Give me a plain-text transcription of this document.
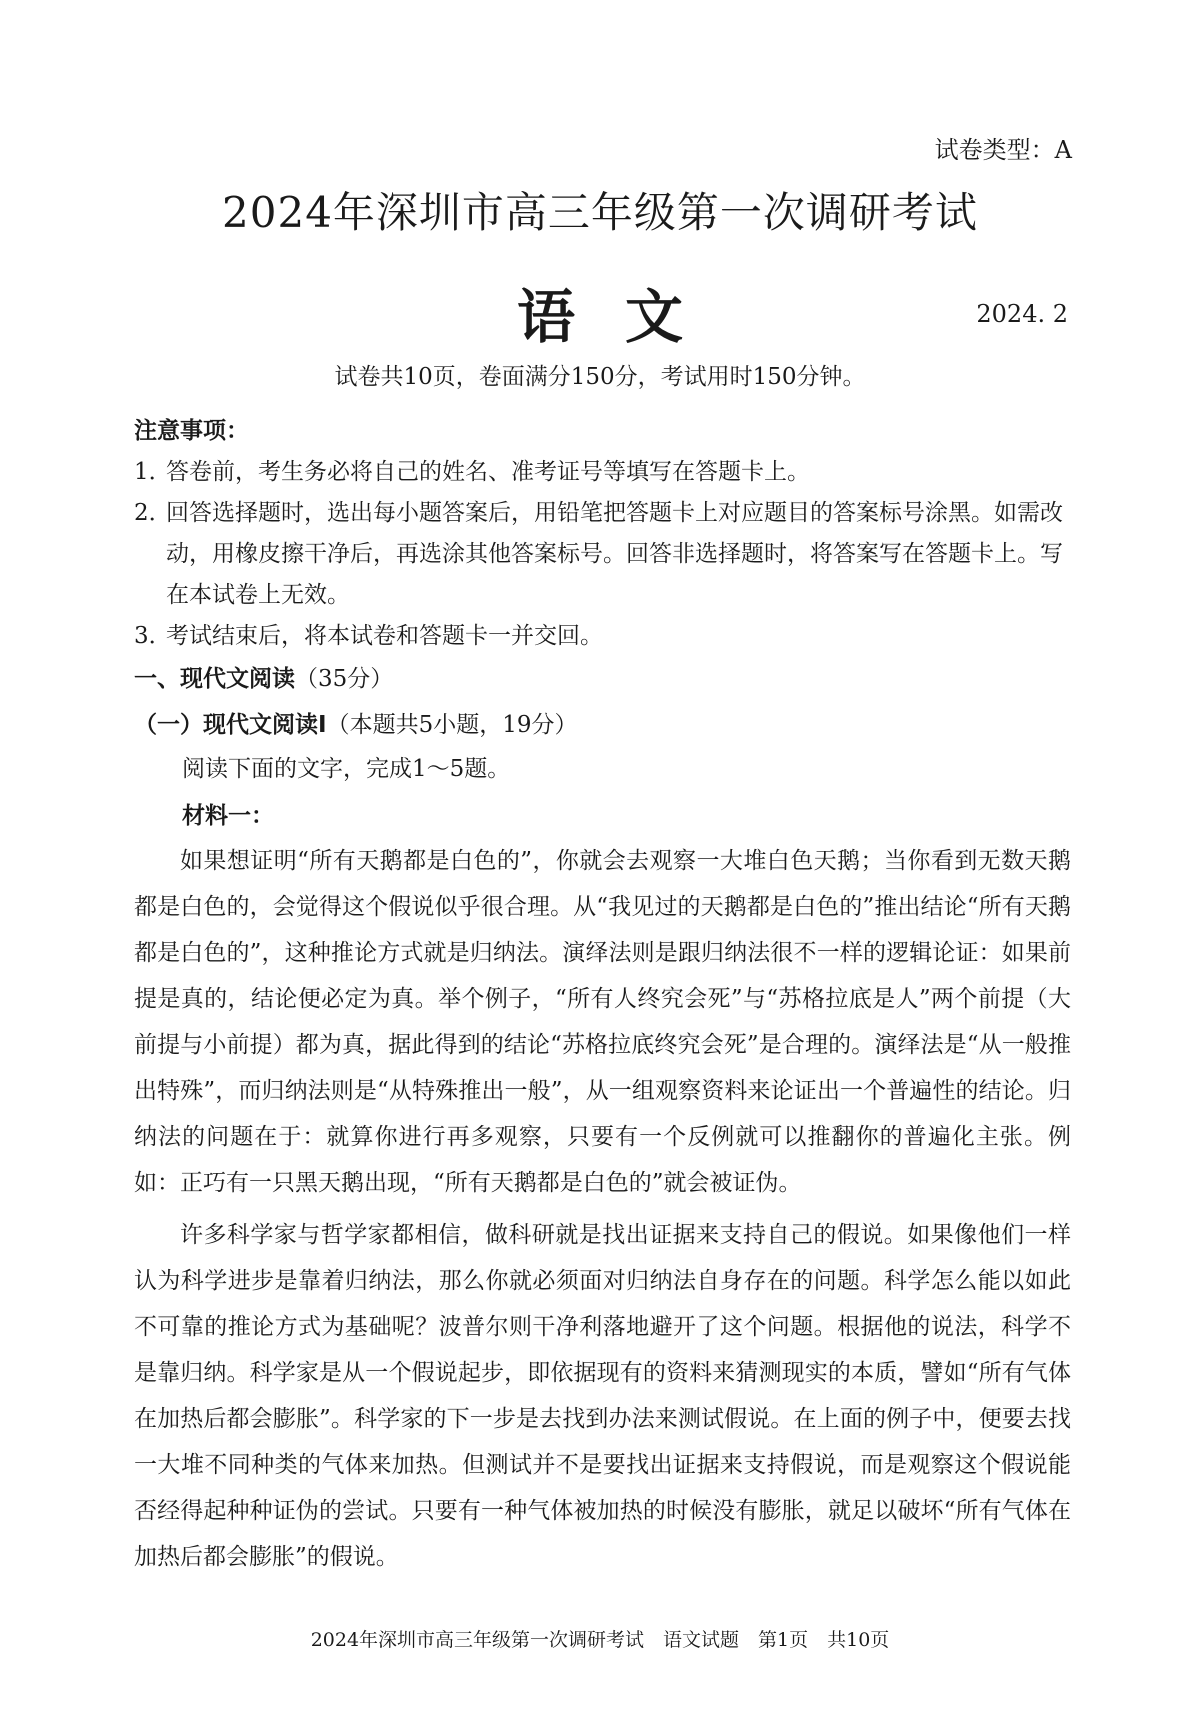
试卷类型：A
2024年深圳市高三年级第一次调研考试
语文	2024. 2
试卷共10页，卷面满分150分，考试用时150分钟。
注意事项：
1．
答卷前，考生务必将自己的姓名、准考证号等填写在答题卡上。
2．
回答选择题时，选出每小题答案后，用铅笔把答题卡上对应题目的答案标号涂黑。如需改动，用橡皮擦干净后，再选涂其他答案标号。回答非选择题时，将答案写在答题卡上。写在本试卷上无效。
3．
考试结束后，将本试卷和答题卡一并交回。
一、现代文阅读（35分）
（一）现代文阅读I（本题共5小题，19分）
阅读下面的文字，完成1～5题。
材料一：

如果想证明“所有天鹅都是白色的”，你就会去观察一大堆白色天鹅；当你看到无数天鹅都是白色的，会觉得这个假说似乎很合理。从“我见过的天鹅都是白色的”推出结论“所有天鹅都是白色的”，这种推论方式就是归纳法。演绎法则是跟归纳法很不一样的逻辑论证：如果前提是真的，结论便必定为真。举个例子，“所有人终究会死”与“苏格拉底是人”两个前提（大前提与小前提）都为真，据此得到的结论“苏格拉底终究会死”是合理的。演绎法是“从一般推出特殊”，而归纳法则是“从特殊推出一般”，从一组观察资料来论证出一个普遍性的结论。归纳法的问题在于：就算你进行再多观察，只要有一个反例就可以推翻你的普遍化主张。例如：正巧有一只黑天鹅出现，“所有天鹅都是白色的”就会被证伪。

许多科学家与哲学家都相信，做科研就是找出证据来支持自己的假说。如果像他们一样认为科学进步是靠着归纳法，那么你就必须面对归纳法自身存在的问题。科学怎么能以如此不可靠的推论方式为基础呢？波普尔则干净利落地避开了这个问题。根据他的说法，科学不是靠归纳。科学家是从一个假说起步，即依据现有的资料来猜测现实的本质，譬如“所有气体在加热后都会膨胀”。科学家的下一步是去找到办法来测试假说。在上面的例子中，便要去找一大堆不同种类的气体来加热。但测试并不是要找出证据来支持假说，而是观察这个假说能否经得起种种证伪的尝试。只要有一种气体被加热的时候没有膨胀，就足以破坏“所有气体在加热后都会膨胀”的假说。

2024年深圳市高三年级第一次调研考试　语文试题　第1页　共10页
